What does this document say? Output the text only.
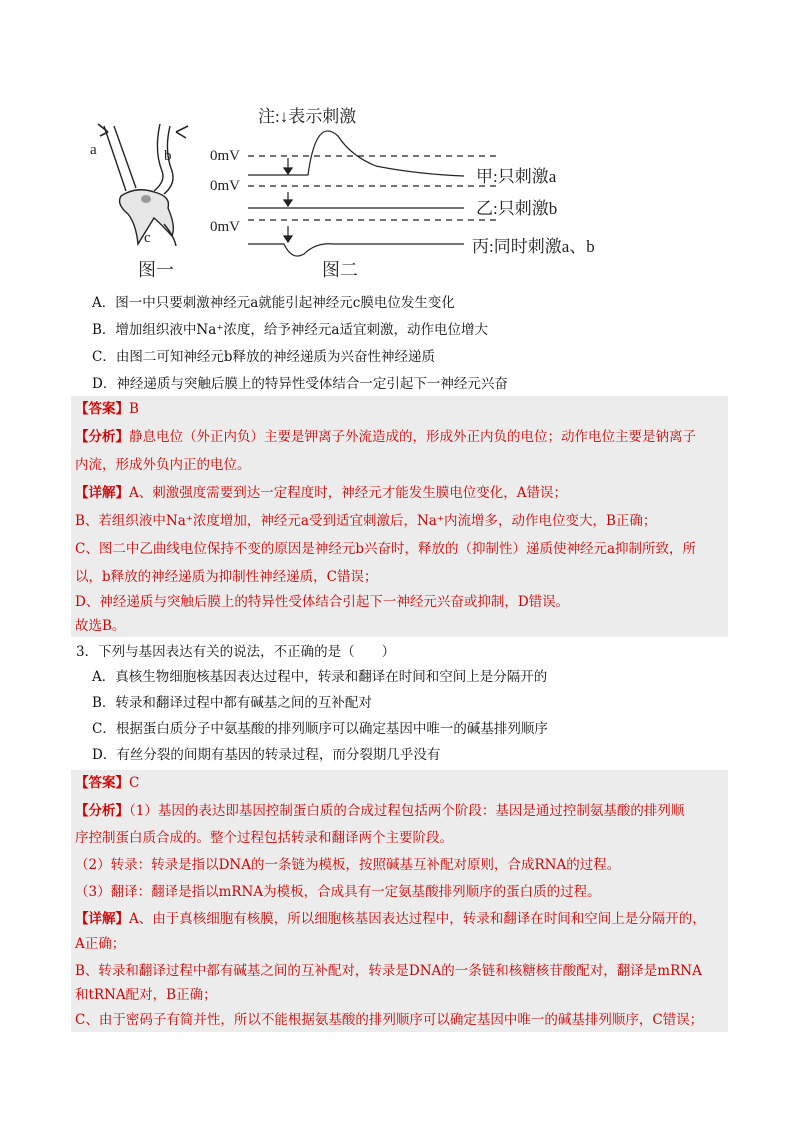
a	b
c
图一
注:↓表示刺激
0mV
0mV
0mV
甲:只刺激a
乙:只刺激b
丙:同时刺激a、b
图二
A．图一中只要刺激神经元a就能引起神经元c膜电位发生变化
B．增加组织液中Na⁺浓度，给予神经元a适宜刺激，动作电位增大
C．由图二可知神经元b释放的神经递质为兴奋性神经递质
D．神经递质与突触后膜上的特异性受体结合一定引起下一神经元兴奋
【答案】B
【分析】静息电位（外正内负）主要是钾离子外流造成的，形成外正内负的电位；动作电位主要是钠离子
内流，形成外负内正的电位。
【详解】A、刺激强度需要到达一定程度时，神经元才能发生膜电位变化，A错误；
B、若组织液中Na⁺浓度增加，神经元a受到适宜刺激后，Na⁺内流增多，动作电位变大，B正确；
C、图二中乙曲线电位保持不变的原因是神经元b兴奋时，释放的（抑制性）递质使神经元a抑制所致，所
以，b释放的神经递质为抑制性神经递质，C错误；
D、神经递质与突触后膜上的特异性受体结合引起下一神经元兴奋或抑制，D错误。
故选B。
3．下列与基因表达有关的说法，不正确的是（　　）
A．真核生物细胞核基因表达过程中，转录和翻译在时间和空间上是分隔开的
B．转录和翻译过程中都有碱基之间的互补配对
C．根据蛋白质分子中氨基酸的排列顺序可以确定基因中唯一的碱基排列顺序
D．有丝分裂的间期有基因的转录过程，而分裂期几乎没有
【答案】C
【分析】（1）基因的表达即基因控制蛋白质的合成过程包括两个阶段：基因是通过控制氨基酸的排列顺
序控制蛋白质合成的。整个过程包括转录和翻译两个主要阶段。
（2）转录：转录是指以DNA的一条链为模板，按照碱基互补配对原则，合成RNA的过程。
（3）翻译：翻译是指以mRNA为模板，合成具有一定氨基酸排列顺序的蛋白质的过程。
【详解】A、由于真核细胞有核膜，所以细胞核基因表达过程中，转录和翻译在时间和空间上是分隔开的，
A正确；
B、转录和翻译过程中都有碱基之间的互补配对，转录是DNA的一条链和核糖核苷酸配对，翻译是mRNA
和tRNA配对，B正确；
C、由于密码子有简并性，所以不能根据氨基酸的排列顺序可以确定基因中唯一的碱基排列顺序，C错误；
